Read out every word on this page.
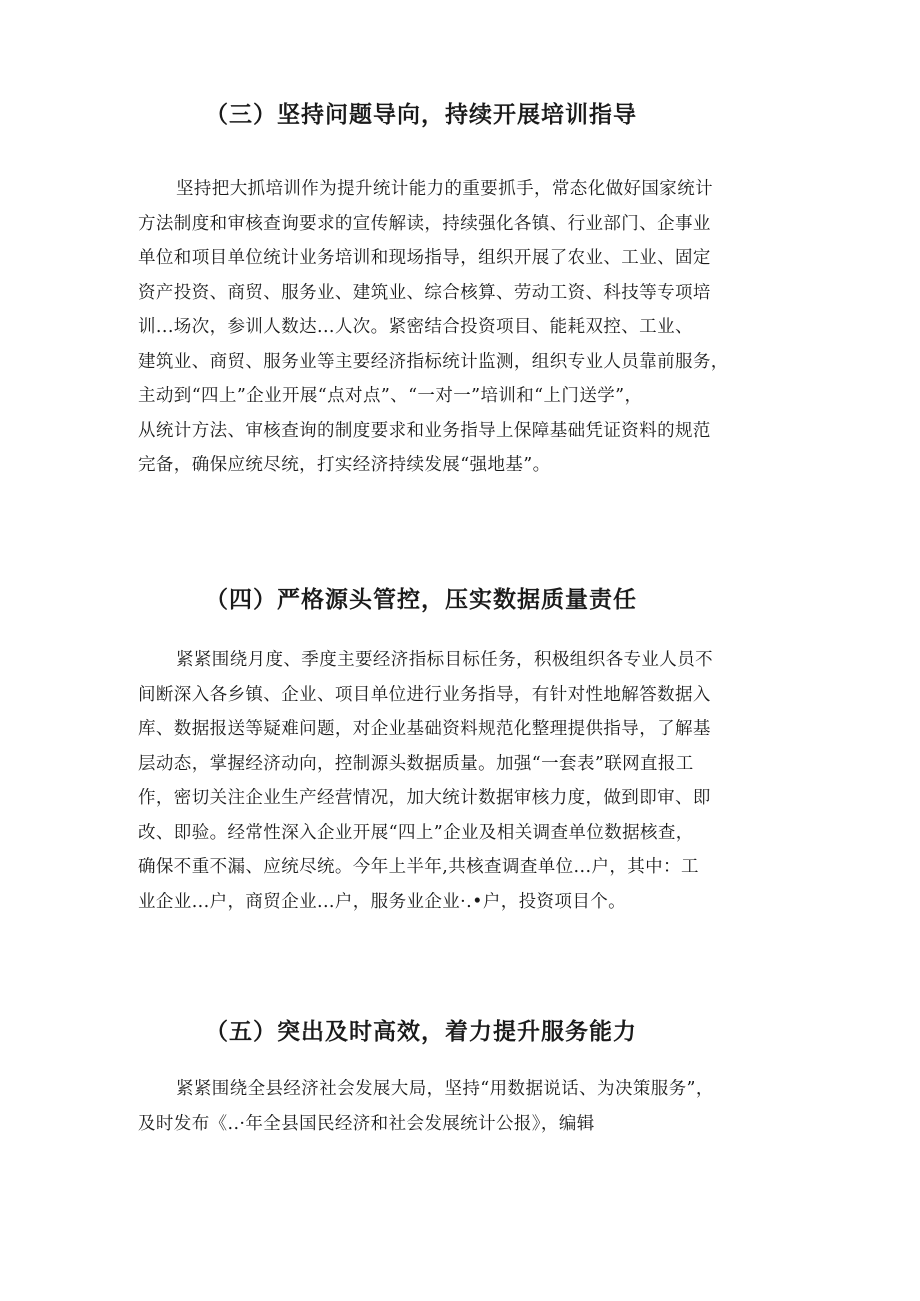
（三）坚持问题导向，持续开展培训指导
坚持把大抓培训作为提升统计能力的重要抓手，常态化做好国家统计
方法制度和审核查询要求的宣传解读，持续强化各镇、行业部门、企事业
单位和项目单位统计业务培训和现场指导，组织开展了农业、工业、固定
资产投资、商贸、服务业、建筑业、综合核算、劳动工资、科技等专项培
训...场次，参训人数达...人次。紧密结合投资项目、能耗双控、工业、
建筑业、商贸、服务业等主要经济指标统计监测，组织专业人员靠前服务，
主动到“四上”企业开展“点对点”、“一对一”培训和“上门送学”，
从统计方法、审核查询的制度要求和业务指导上保障基础凭证资料的规范
完备，确保应统尽统，打实经济持续发展“强地基”。
（四）严格源头管控，压实数据质量责任
紧紧围绕月度、季度主要经济指标目标任务，积极组织各专业人员不
间断深入各乡镇、企业、项目单位进行业务指导，有针对性地解答数据入
库、数据报送等疑难问题，对企业基础资料规范化整理提供指导，了解基
层动态，掌握经济动向，控制源头数据质量。加强“一套表”联网直报工
作，密切关注企业生产经营情况，加大统计数据审核力度，做到即审、即
改、即验。经常性深入企业开展“四上”企业及相关调查单位数据核查，
确保不重不漏、应统尽统。今年上半年,共核查调查单位...户，其中：工
业企业...户，商贸企业...户，服务业企业·.•户，投资项目个。
（五）突出及时高效，着力提升服务能力
紧紧围绕全县经济社会发展大局，坚持“用数据说话、为决策服务”，
及时发布《..·年全县国民经济和社会发展统计公报》，编辑
